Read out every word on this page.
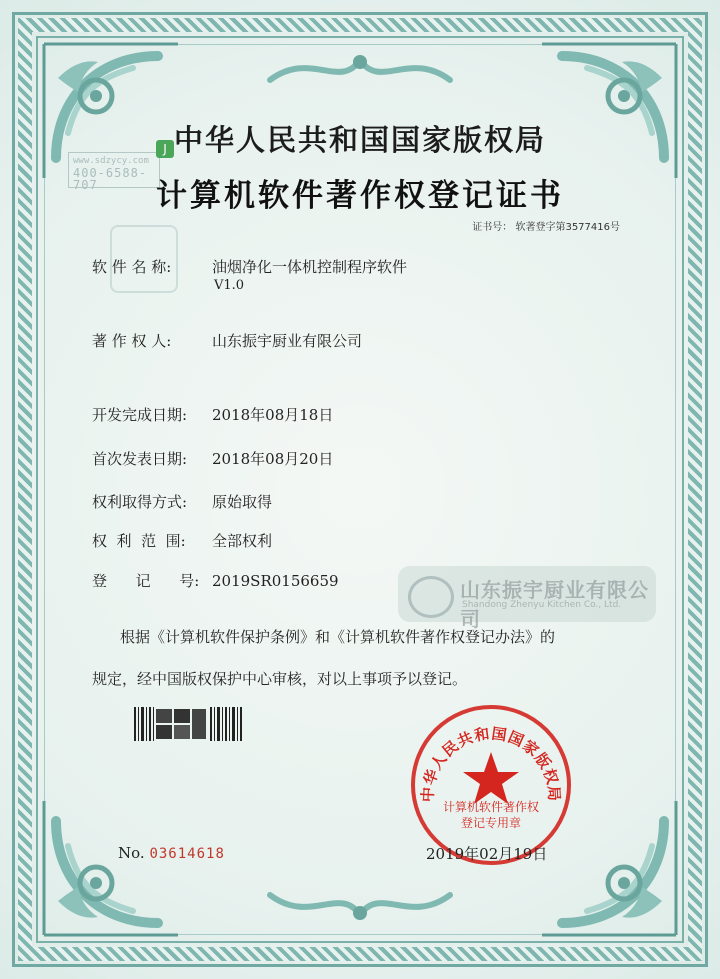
www.sdzycy.com
400-6588-707
J 中华人民共和国国家版权局
计算机软件著作权登记证书
证书号： 软著登字第3577416号
软 件 名 称:	油烟净化一体机控制程序软件
V1.0
著 作 权 人:	山东振宇厨业有限公司
开发完成日期: 2018年08月18日
首次发表日期: 2018年08月20日
权利取得方式: 原始取得
权  利  范  围: 全部权利
登      记      号: 2019SR0156659	山东振宇厨业有限公司
Shandong Zhenyu Kitchen Co., Ltd.
根据《计算机软件保护条例》和《计算机软件著作权登记办法》的
规定，经中国版权保护中心审核，对以上事项予以登记。
中华人民共和国国家版权局
计算机软件著作权
登记专用章
No. 03614618	2019年02月19日
